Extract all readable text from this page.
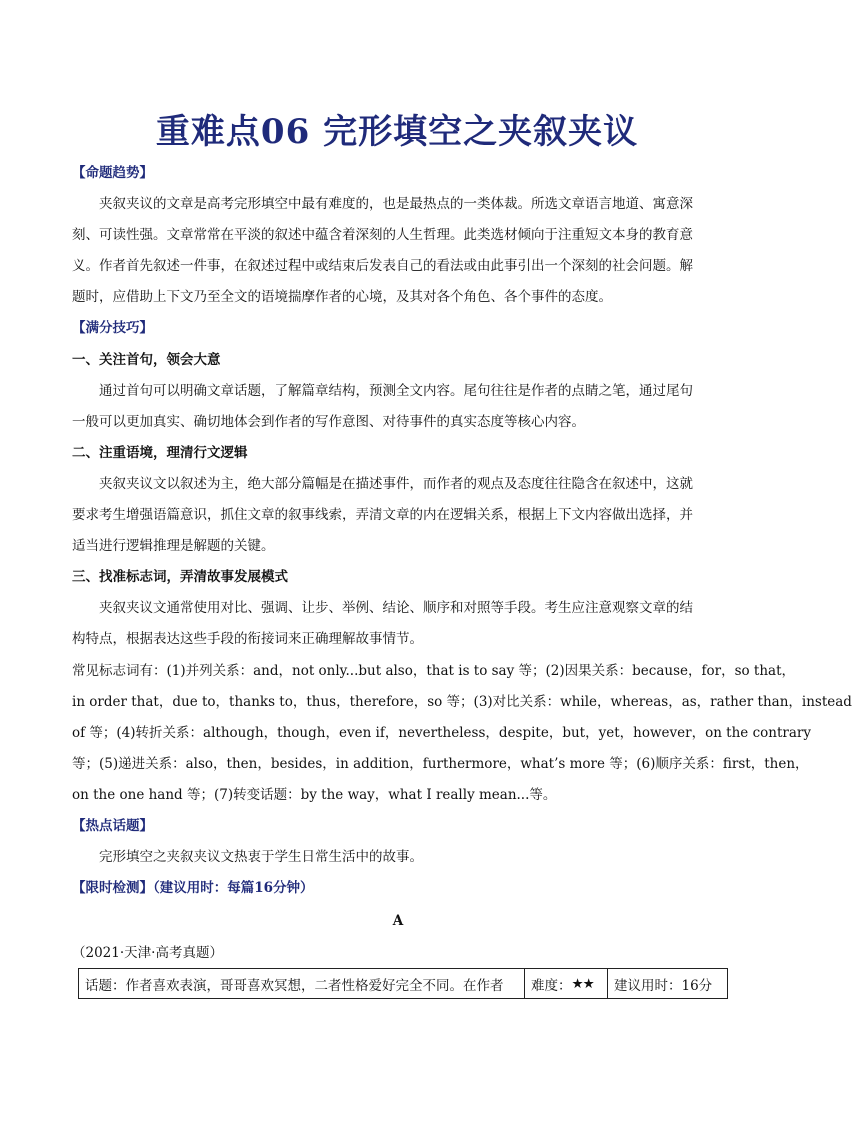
重难点06 完形填空之夹叙夹议
【命题趋势】
夹叙夹议的文章是高考完形填空中最有难度的，也是最热点的一类体裁。所选文章语言地道、寓意深
刻、可读性强。文章常常在平淡的叙述中蕴含着深刻的人生哲理。此类选材倾向于注重短文本身的教育意
义。作者首先叙述一件事，在叙述过程中或结束后发表自己的看法或由此事引出一个深刻的社会问题。解
题时，应借助上下文乃至全文的语境揣摩作者的心境，及其对各个角色、各个事件的态度。
【满分技巧】
一、关注首句，领会大意
通过首句可以明确文章话题，了解篇章结构，预测全文内容。尾句往往是作者的点睛之笔，通过尾句
一般可以更加真实、确切地体会到作者的写作意图、对待事件的真实态度等核心内容。
二、注重语境，理清行文逻辑
夹叙夹议文以叙述为主，绝大部分篇幅是在描述事件，而作者的观点及态度往往隐含在叙述中，这就
要求考生增强语篇意识，抓住文章的叙事线索，弄清文章的内在逻辑关系，根据上下文内容做出选择，并
适当进行逻辑推理是解题的关键。
三、找准标志词，弄清故事发展模式
夹叙夹议文通常使用对比、强调、让步、举例、结论、顺序和对照等手段。考生应注意观察文章的结
构特点，根据表达这些手段的衔接词来正确理解故事情节。
常见标志词有：(1)并列关系：and，not only...but also，that is to say 等；(2)因果关系：because，for，so that，
in order that，due to，thanks to，thus，therefore，so 等；(3)对比关系：while，whereas，as，rather than，instead
of 等；(4)转折关系：although，though，even if，nevertheless，despite，but，yet，however，on the contrary
等；(5)递进关系：also，then，besides，in addition，furthermore，what’s more 等；(6)顺序关系：first，then，
on the one hand 等；(7)转变话题：by the way，what I really mean...等。
【热点话题】
完形填空之夹叙夹议文热衷于学生日常生活中的故事。
【限时检测】（建议用时：每篇16分钟）
A
（2021·天津·高考真题）
话题：作者喜欢表演，哥哥喜欢冥想，二者性格爱好完全不同。在作者	难度： ★★	建议用时：16分
